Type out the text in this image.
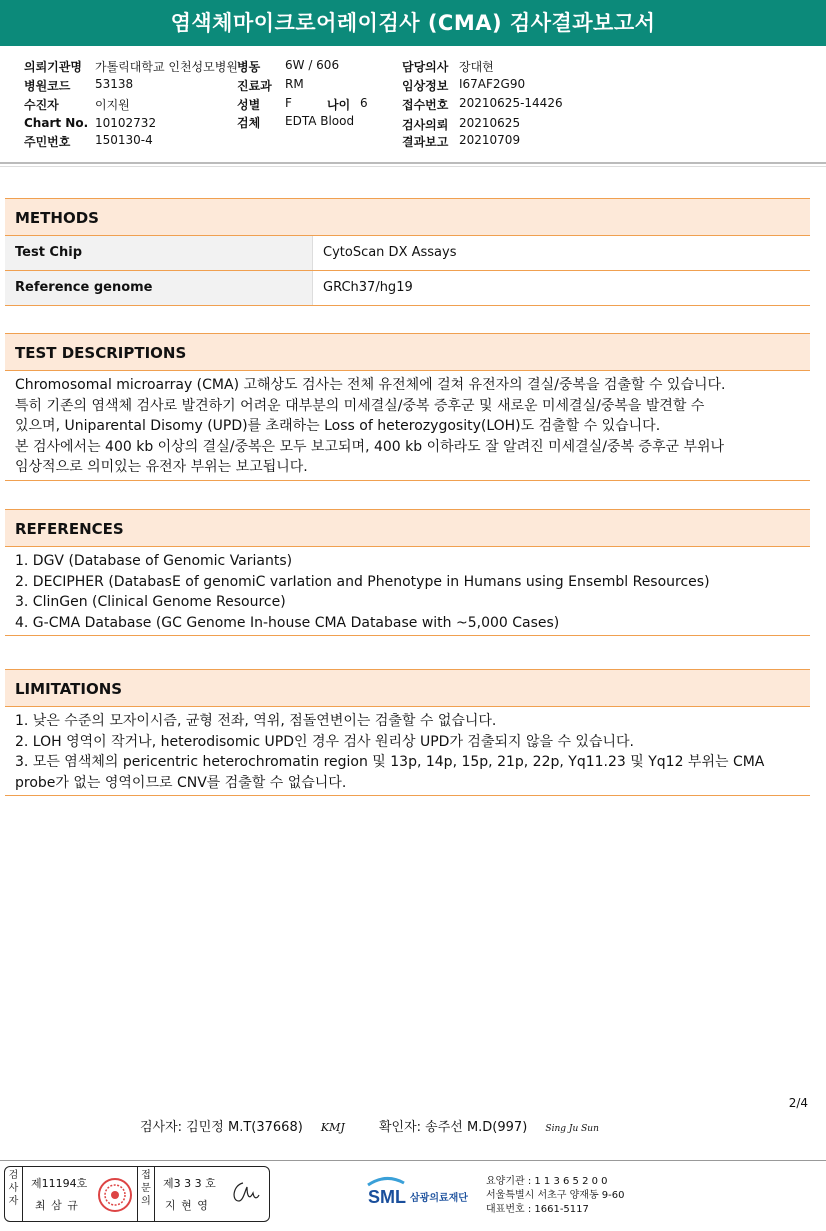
염색체마이크로어레이검사 (CMA) 검사결과보고서
의뢰기관명 가톨릭대학교 인천성모병원 병동 6W / 606	담당의사 장대현
병원코드 53138	진료과 RM	임상정보 I67AF2G90
수진자	이지원	성별 F	나이 6	접수번호 20210625-14426
Chart No. 10102732	검체 EDTA Blood	검사의뢰 20210625
주민번호 150130-4	결과보고 20210709
METHODS
Test Chip	CytoScan DX Assays
Reference genome	GRCh37/hg19
TEST DESCRIPTIONS
Chromosomal microarray (CMA) 고해상도 검사는 전체 유전체에 걸쳐 유전자의 결실/중복을 검출할 수 있습니다.
특히 기존의 염색체 검사로 발견하기 어려운 대부분의 미세결실/중복 증후군 및 새로운 미세결실/중복을 발견할 수
있으며, Uniparental Disomy (UPD)를 초래하는 Loss of heterozygosity(LOH)도 검출할 수 있습니다.
본 검사에서는 400 kb 이상의 결실/중복은 모두 보고되며, 400 kb 이하라도 잘 알려진 미세결실/중복 증후군 부위나
임상적으로 의미있는 유전자 부위는 보고됩니다.
REFERENCES
1. DGV (Database of Genomic Variants)
2. DECIPHER (DatabasE of genomiC varIation and Phenotype in Humans using Ensembl Resources)
3. ClinGen (Clinical Genome Resource)
4. G-CMA Database (GC Genome In-house CMA Database with ~5,000 Cases)
LIMITATIONS
1. 낮은 수준의 모자이시즘, 균형 전좌, 역위, 점돌연변이는 검출할 수 없습니다.
2. LOH 영역이 작거나, heterodisomic UPD인 경우 검사 원리상 UPD가 검출되지 않을 수 있습니다.
3. 모든 염색체의 pericentric heterochromatin region 및 13p, 14p, 15p, 21p, 22p, Yq11.23 및 Yq12 부위는 CMA
probe가 없는 영역이므로 CNV를 검출할 수 없습니다.
2/4
검사자: 김민정 M.T(37668) KMJ	확인자: 송주선 M.D(997) Sing Ju Sun
검사자
제11194호
최 삼 규
접문의
제3 3 3 호
지 현 영	SML 삼광의료재단
요양기관 : 1 1 3 6 5 2 0 0
서울특별시 서초구 양재동 9-60
대표번호 : 1661-5117
